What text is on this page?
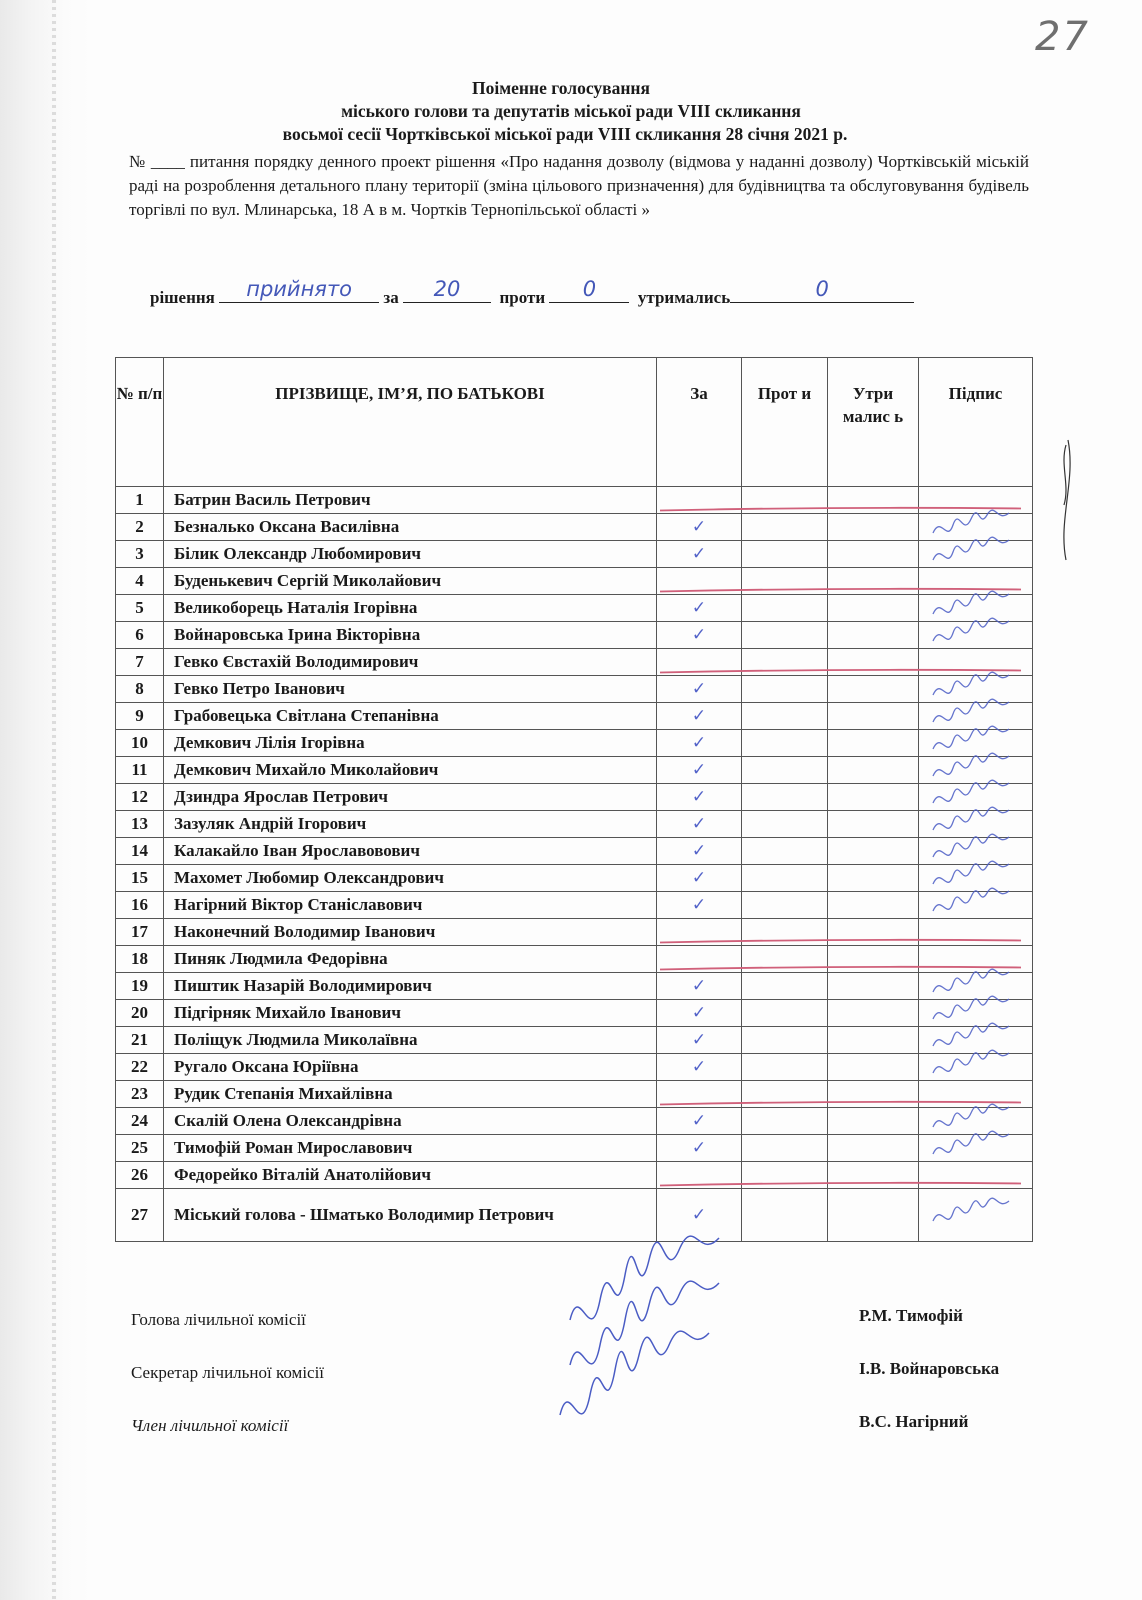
27
Поіменне голосування
міського голови та депутатів міської ради VIII скликання
восьмої сесії Чортківської міської ради VIII скликання 28 січня 2021 р.
№ ____ питання порядку денного проект рішення «Про надання дозволу (відмова у наданні дозволу) Чортківській міській раді на розроблення детального плану території (зміна цільового призначення) для будівництва та обслуговування будівель торгівлі по вул. Млинарська, 18 А в м. Чортків Тернопільської області »
рішення	прийнято	за	20	проти	0	утримались	0
№ п/п	ПРІЗВИЩЕ, ІМ’Я, ПО БАТЬКОВІ	За	Прот и	Утри малис ь	Підпис
1	Батрин Василь Петрович				
2	Безналько Оксана Василівна	✓			
3	Білик Олександр Любомирович	✓			
4	Буденькевич Сергій Миколайович				
5	Великоборець Наталія Ігорівна	✓			
6	Войнаровська Ірина Вікторівна	✓			
7	Гевко Євстахій Володимирович				
8	Гевко Петро Іванович	✓			
9	Грабовецька Світлана Степанівна	✓			
10	Демкович Лілія Ігорівна	✓			
11	Демкович Михайло Миколайович	✓			
12	Дзиндра Ярослав Петрович	✓			
13	Зазуляк Андрій Ігорович	✓			
14	Калакайло Іван Ярославовович	✓			
15	Махомет Любомир Олександрович	✓			
16	Нагірний Віктор Станіславович	✓			
17	Наконечний Володимир Іванович				
18	Пиняк Людмила Федорівна				
19	Пиштик Назарій Володимирович	✓			
20	Підгірняк Михайло Іванович	✓			
21	Поліщук Людмила Миколаївна	✓			
22	Ругало Оксана Юріївна	✓			
23	Рудик Степанія Михайлівна				
24	Скалій Олена Олександрівна	✓			
25	Тимофій Роман Мирославович	✓			
26	Федорейко Віталій Анатолійович				
27	Міський голова - Шматько Володимир Петрович	✓			
Голова лічильної комісії
Секретар лічильної комісії
Член лічильної комісії
Р.М. Тимофій
І.В. Войнаровська
В.С. Нагірний
